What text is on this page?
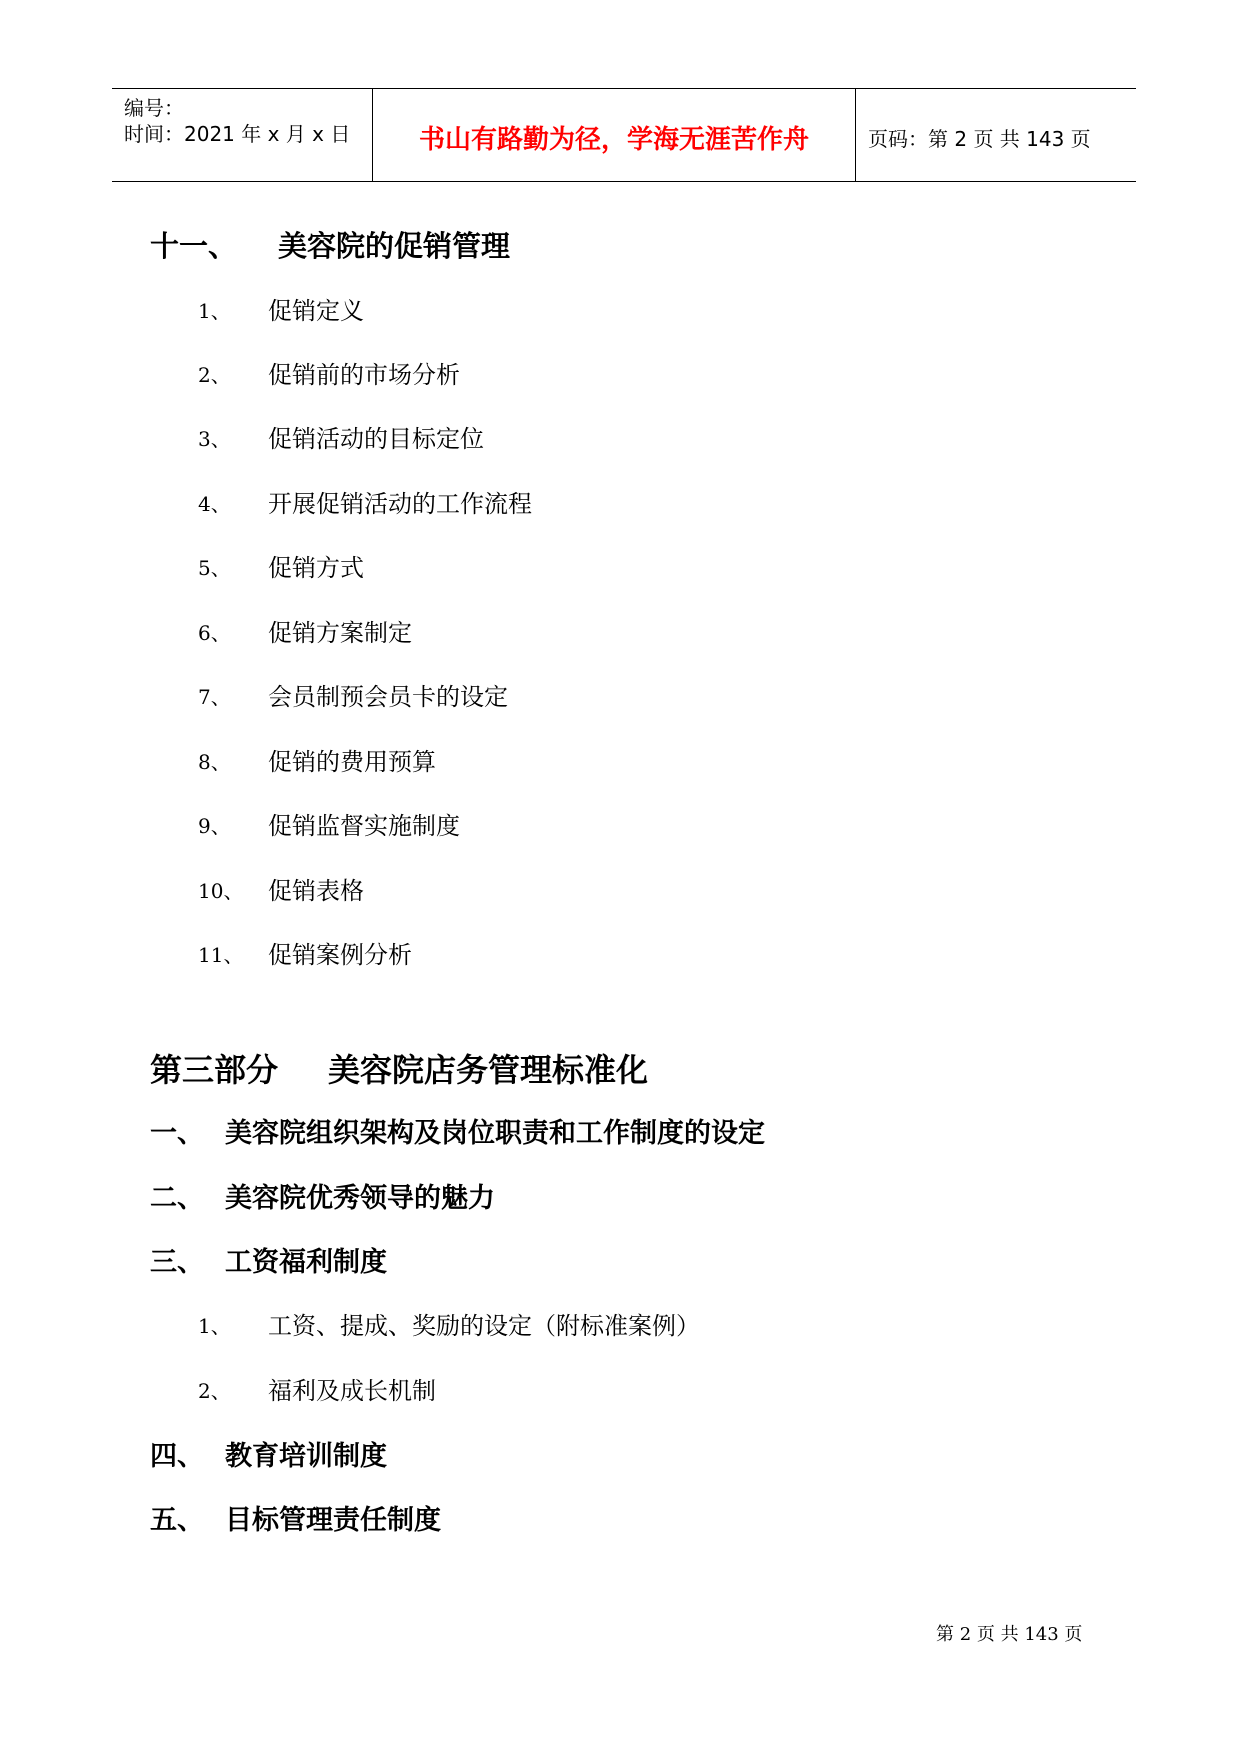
编号：
时间：2021 年 x 月 x 日	书山有路勤为径，学海无涯苦作舟	页码：第 2 页 共 143 页
十一、 美容院的促销管理
1、 促销定义
2、 促销前的市场分析
3、 促销活动的目标定位
4、 开展促销活动的工作流程
5、 促销方式
6、 促销方案制定
7、 会员制预会员卡的设定
8、 促销的费用预算
9、 促销监督实施制度
10、 促销表格
11、 促销案例分析
第三部分 美容院店务管理标准化
一、 美容院组织架构及岗位职责和工作制度的设定
二、 美容院优秀领导的魅力
三、 工资福利制度
1、 工资、提成、奖励的设定（附标准案例）
2、 福利及成长机制
四、 教育培训制度
五、 目标管理责任制度
第 2 页 共 143 页
